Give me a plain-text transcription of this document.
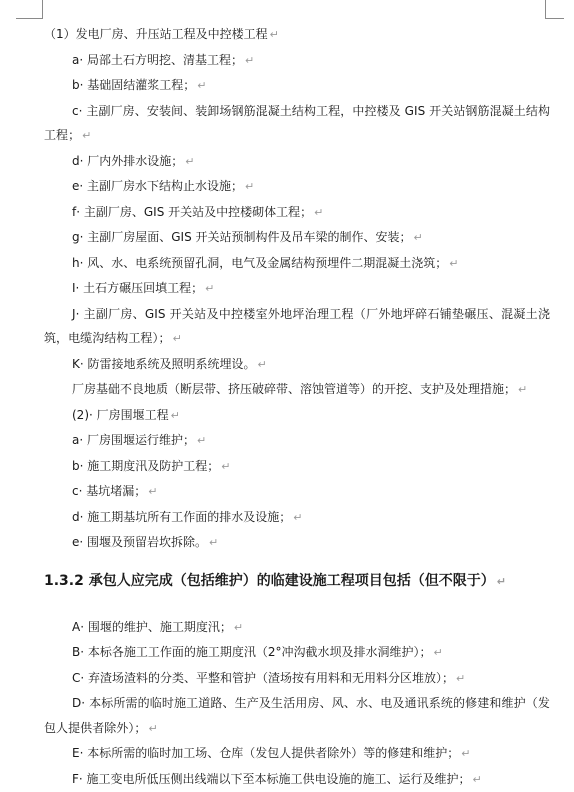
（1）发电厂房、升压站工程及中控楼工程 ↵

a· 局部土石方明挖、清基工程； ↵

b· 基础固结灌浆工程； ↵

c· 主副厂房、安装间、装卸场钢筋混凝土结构工程，中控楼及 GIS 开关站钢筋混凝土结构工程； ↵

d· 厂内外排水设施； ↵

e· 主副厂房水下结构止水设施； ↵

f· 主副厂房、GIS 开关站及中控楼砌体工程； ↵

g· 主副厂房屋面、GIS 开关站预制构件及吊车梁的制作、安装； ↵

h· 风、水、电系统预留孔洞，电气及金属结构预埋件二期混凝土浇筑； ↵

I· 土石方碾压回填工程； ↵

J· 主副厂房、GIS 开关站及中控楼室外地坪治理工程（厂外地坪碎石铺垫碾压、混凝土浇筑，电缆沟结构工程）； ↵

K· 防雷接地系统及照明系统埋设。 ↵

厂房基础不良地质（断层带、挤压破碎带、溶蚀管道等）的开挖、支护及处理措施； ↵

(2)· 厂房围堰工程 ↵

a· 厂房围堰运行维护； ↵

b· 施工期度汛及防护工程； ↵

c· 基坑堵漏； ↵

d· 施工期基坑所有工作面的排水及设施； ↵

e· 围堰及预留岩坎拆除。 ↵

1.3.2 承包人应完成（包括维护）的临建设施工程项目包括（但不限于） ↵

A· 围堰的维护、施工期度汛； ↵

B· 本标各施工工作面的施工期度汛（2°冲沟截水坝及排水洞维护）； ↵

C· 弃渣场渣料的分类、平整和管护（渣场按有用料和无用料分区堆放）； ↵

D· 本标所需的临时施工道路、生产及生活用房、风、水、电及通讯系统的修建和维护（发包人提供者除外）； ↵

E· 本标所需的临时加工场、仓库（发包人提供者除外）等的修建和维护； ↵

F· 施工变电所低压侧出线端以下至本标施工供电设施的施工、运行及维护； ↵
